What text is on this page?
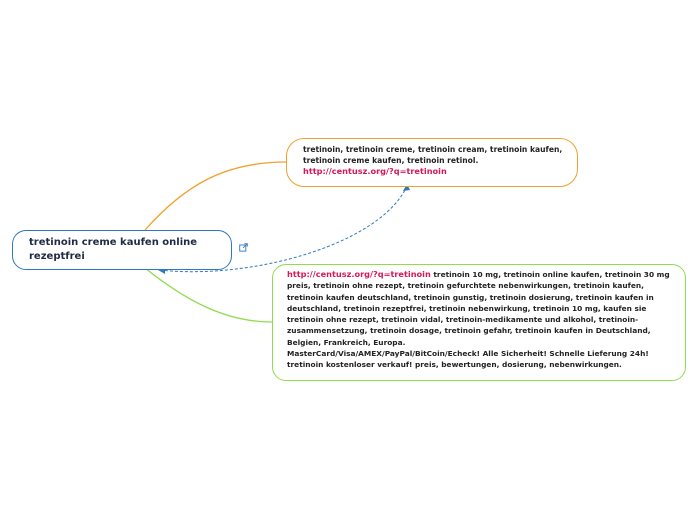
tretinoin creme kaufen online rezeptfrei
tretinoin, tretinoin creme, tretinoin cream, tretinoin kaufen, tretinoin creme kaufen, tretinoin retinol.
http://centusz.org/?q=tretinoin
http://centusz.org/?q=tretinoin tretinoin 10 mg, tretinoin online kaufen, tretinoin 30 mg preis, tretinoin ohne rezept, tretinoin gefurchtete nebenwirkungen, tretinoin kaufen, tretinoin kaufen deutschland, tretinoin gunstig, tretinoin dosierung, tretinoin kaufen in deutschland, tretinoin rezeptfrei, tretinoin nebenwirkung, tretinoin 10 mg, kaufen sie tretinoin ohne rezept, tretinoin vidal, tretinoin-medikamente und alkohol, tretinoin-zusammensetzung, tretinoin dosage, tretinoin gefahr, tretinoin kaufen in Deutschland, Belgien, Frankreich, Europa.
MasterCard/Visa/AMEX/PayPal/BitCoin/Echeck! Alle Sicherheit! Schnelle Lieferung 24h! tretinoin kostenloser verkauf! preis, bewertungen, dosierung, nebenwirkungen.
